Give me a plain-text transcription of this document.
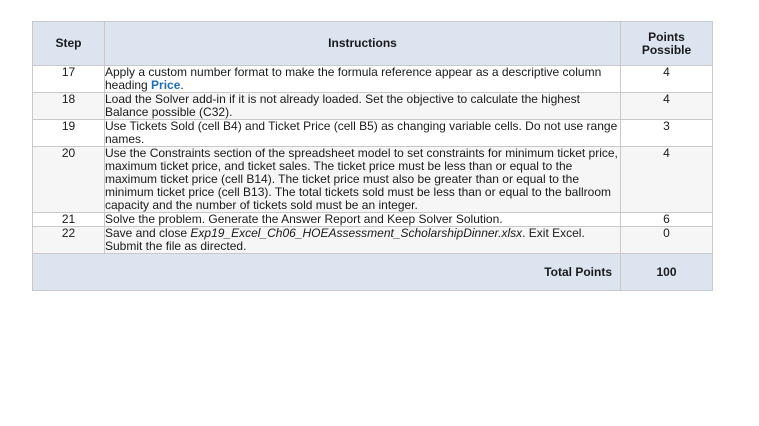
Step	Instructions	Points Possible
17	Apply a custom number format to make the formula reference appear as a descriptive column heading Price.	4
18	Load the Solver add-in if it is not already loaded. Set the objective to calculate the highest Balance possible (C32).	4
19	Use Tickets Sold (cell B4) and Ticket Price (cell B5) as changing variable cells. Do not use range names.	3
20	Use the Constraints section of the spreadsheet model to set constraints for minimum ticket price, maximum ticket price, and ticket sales. The ticket price must be less than or equal to the maximum ticket price (cell B14). The ticket price must also be greater than or equal to the minimum ticket price (cell B13). The total tickets sold must be less than or equal to the ballroom capacity and the number of tickets sold must be an integer.	4
21	Solve the problem. Generate the Answer Report and Keep Solver Solution.	6
22	Save and close Exp19_Excel_Ch06_HOEAssessment_ScholarshipDinner.xlsx. Exit Excel. Submit the file as directed.	0
Total Points		100
